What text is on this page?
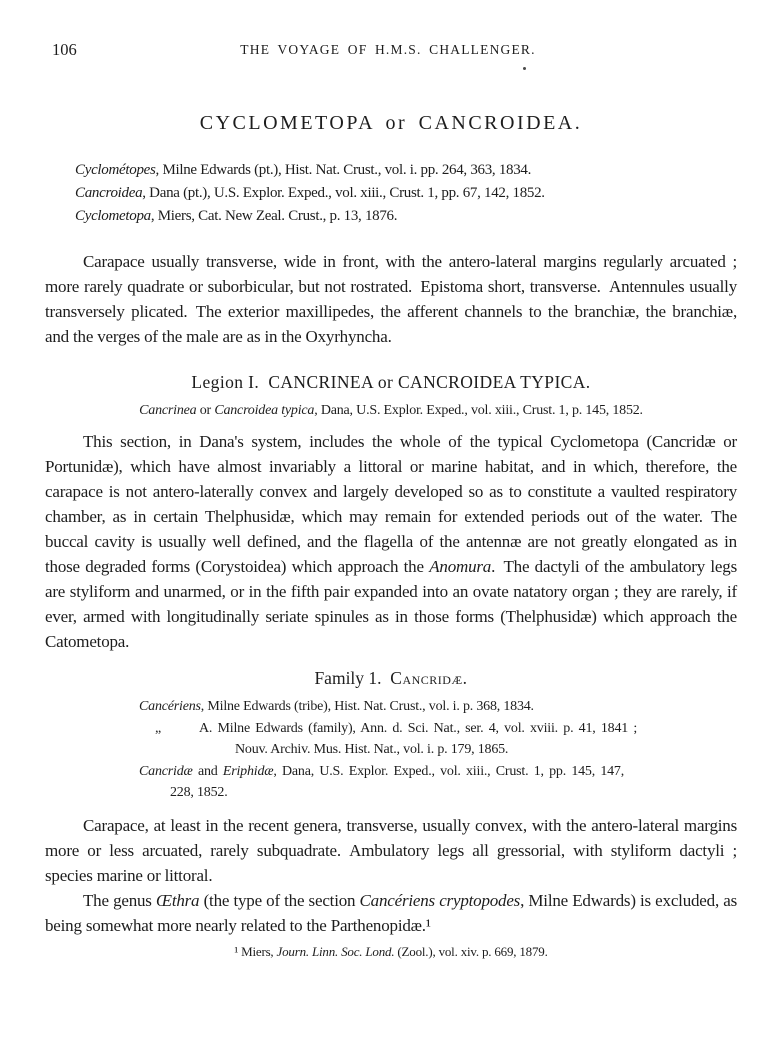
106	THE VOYAGE OF H.M.S. CHALLENGER.
CYCLOMETOPA or CANCROIDEA.

Cyclométopes, Milne Edwards (pt.), Hist. Nat. Crust., vol. i. pp. 264, 363, 1834.

Cancroidea, Dana (pt.), U.S. Explor. Exped., vol. xiii., Crust. 1, pp. 67, 142, 1852.

Cyclometopa, Miers, Cat. New Zeal. Crust., p. 13, 1876.

Carapace usually transverse, wide in front, with the antero-lateral margins regularly arcuated ; more rarely quadrate or suborbicular, but not rostrated. Epistoma short, transverse. Antennules usually transversely plicated. The exterior maxillipedes, the afferent channels to the branchiæ, the branchiæ, and the verges of the male are as in the Oxyrhyncha.

Legion I. CANCRINEA or CANCROIDEA TYPICA.

Cancrinea or Cancroidea typica, Dana, U.S. Explor. Exped., vol. xiii., Crust. 1, p. 145, 1852.

This section, in Dana's system, includes the whole of the typical Cyclometopa (Cancridæ or Portunidæ), which have almost invariably a littoral or marine habitat, and in which, therefore, the carapace is not antero-laterally convex and largely developed so as to constitute a vaulted respiratory chamber, as in certain Thelphusidæ, which may remain for extended periods out of the water. The buccal cavity is usually well defined, and the flagella of the antennæ are not greatly elongated as in those degraded forms (Corystoidea) which approach the Anomura. The dactyli of the ambulatory legs are styliform and unarmed, or in the fifth pair expanded into an ovate natatory organ ; they are rarely, if ever, armed with longitudinally seriate spinules as in those forms (Thelphusidæ) which approach the Catometopa.

Family 1.  Cancridæ.

Cancériens, Milne Edwards (tribe), Hist. Nat. Crust., vol. i. p. 368, 1834.

„	A. Milne Edwards (family), Ann. d. Sci. Nat., ser. 4, vol. xviii. p. 41, 1841 ;

Nouv. Archiv. Mus. Hist. Nat., vol. i. p. 179, 1865.

Cancridæ and Eriphidæ, Dana, U.S. Explor. Exped., vol. xiii., Crust. 1, pp. 145, 147,

228, 1852.

Carapace, at least in the recent genera, transverse, usually convex, with the antero-lateral margins more or less arcuated, rarely subquadrate. Ambulatory legs all gressorial, with styliform dactyli ; species marine or littoral.

The genus Œthra (the type of the section Cancériens cryptopodes, Milne Edwards) is excluded, as being somewhat more nearly related to the Parthenopidæ.¹

¹ Miers, Journ. Linn. Soc. Lond. (Zool.), vol. xiv. p. 669, 1879.
